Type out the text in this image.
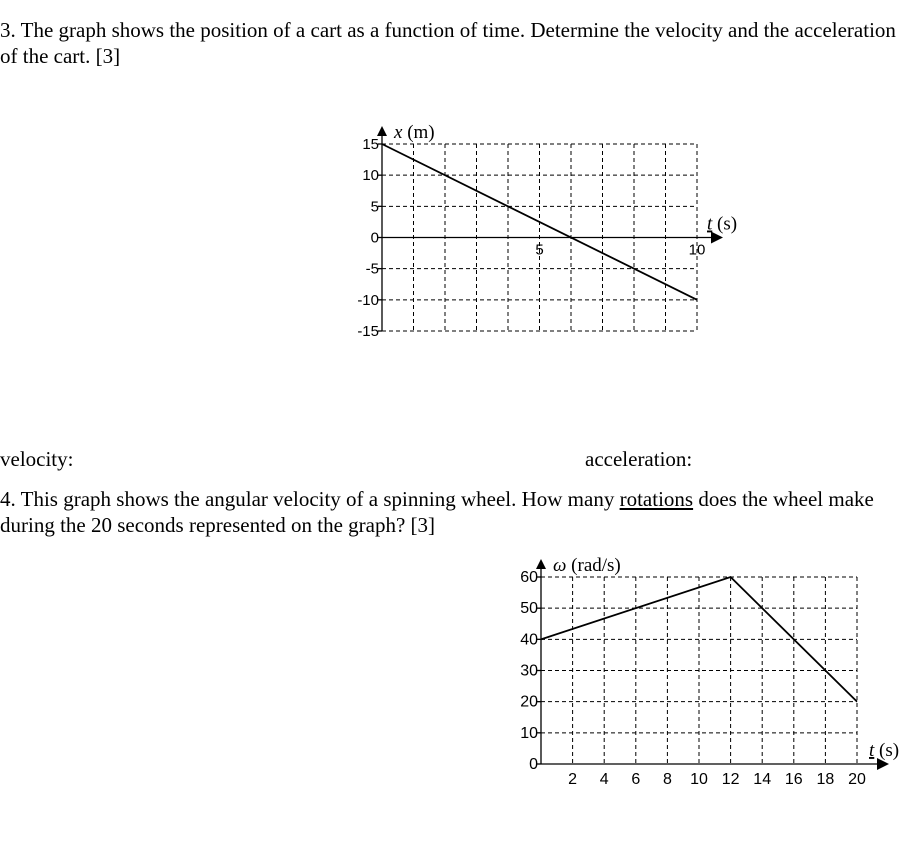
3. The graph shows the position of a cart as a function of time. Determine the velocity and the acceleration of the cart. [3]
15
10
5
0
-5
-10
-15
5	10
x (m)
t (s)
velocity:	acceleration:
4. This graph shows the angular velocity of a spinning wheel. How many rotations does the wheel make during the 20 seconds represented on the graph? [3]
60
50
40
30
20
10
0
2 4 6 8 10 12 14 16 18 20
ω (rad/s)
t (s)
